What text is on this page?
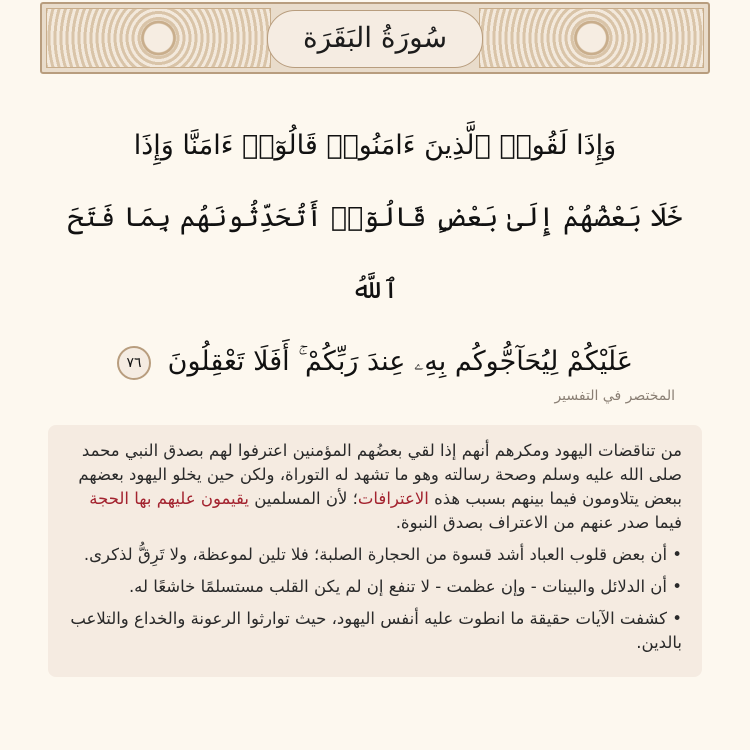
سُورَةُ البَقَرَة
وَإِذَا لَقُوا۟ ٱلَّذِينَ ءَامَنُوا۟ قَالُوٓا۟ ءَامَنَّا وَإِذَا
خَلَا بَعْضُهُمْ إِلَىٰ بَعْضٍ قَالُوٓا۟ أَتُحَدِّثُونَهُم بِمَا فَتَحَ ٱللَّهُ
عَلَيْكُمْ لِيُحَآجُّوكُم بِهِۦ عِندَ رَبِّكُمْ ۚ أَفَلَا تَعْقِلُونَ ٧٦
المختصر في التفسير

من تناقضات اليهود ومكرهم أنهم إذا لقي بعضُهم المؤمنين اعترفوا لهم بصدق النبي محمد صلى الله عليه وسلم وصحة رسالته وهو ما تشهد له التوراة، ولكن حين يخلو اليهود بعضهم ببعض يتلاومون فيما بينهم بسبب هذه الاعترافات؛ لأن المسلمين يقيمون عليهم بها الحجة فيما صدر عنهم من الاعتراف بصدق النبوة.

• أن بعض قلوب العباد أشد قسوة من الحجارة الصلبة؛ فلا تلين لموعظة، ولا تَرِقُّ لذكرى.

• أن الدلائل والبينات - وإن عظمت - لا تنفع إن لم يكن القلب مستسلمًا خاشعًا له.

• كشفت الآيات حقيقة ما انطوت عليه أنفس اليهود، حيث توارثوا الرعونة والخداع والتلاعب بالدين.
